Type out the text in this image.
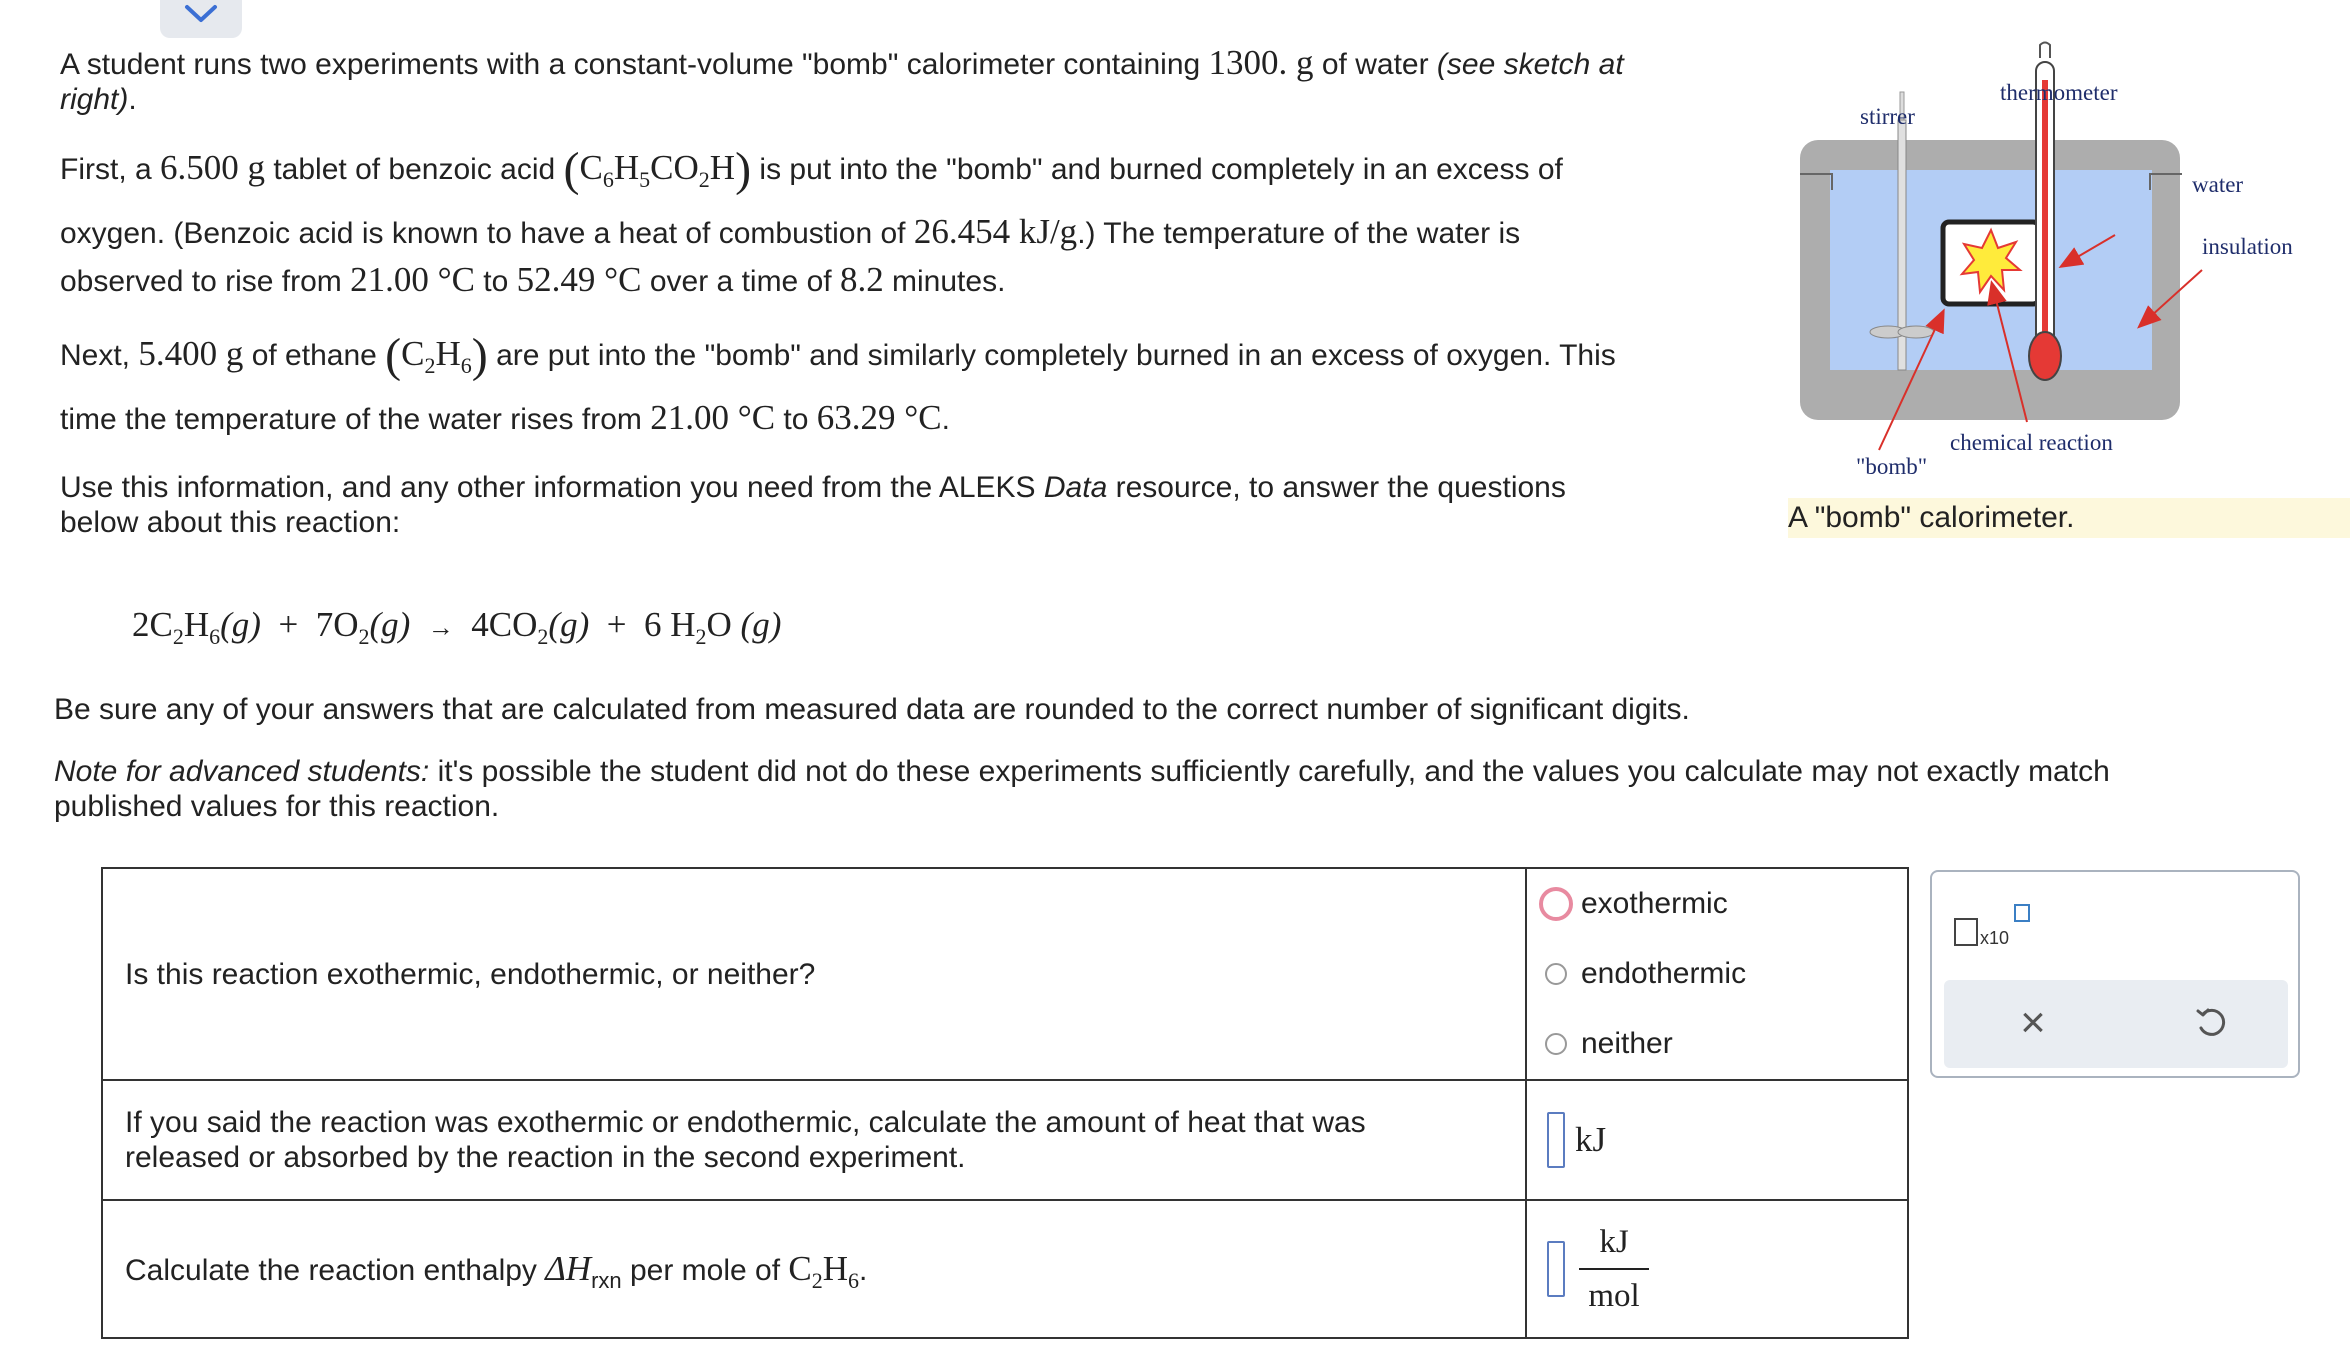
A student runs two experiments with a constant-volume "bomb" calorimeter containing 1300. g of water (see sketch at
right).
First, a 6.500 g tablet of benzoic acid $(C_6H_5CO_2H)$ is put into the "bomb" and burned completely in an excess of
oxygen. (Benzoic acid is known to have a heat of combustion of 26.454 kJ/g.) The temperature of the water is
observed to rise from 21.00 °C to 52.49 °C over a time of 8.2 minutes.
Next, 5.400 g of ethane $(C_2H_6)$ are put into the "bomb" and similarly completely burned in an excess of oxygen. This
time the temperature of the water rises from 21.00 °C to 63.29 °C.
Use this information, and any other information you need from the ALEKS Data resource, to answer the questions
below about this reaction:
stirrer
thermometer
water
insulation
chemical reaction
"bomb"
A "bomb" calorimeter.
$2C_2H_6(g) + 7O_2(g) \to 4CO_2(g) + 6$ $H_2O$ (g)
Be sure any of your answers that are calculated from measured data are rounded to the correct number of significant digits.
Note for advanced students: it's possible the student did not do these experiments sufficiently carefully, and the values you calculate may not exactly match
published values for this reaction.
Is this reaction exothermic, endothermic, or neither?	exothermic
endothermic
neither

If you said the reaction was exothermic or endothermic, calculate the amount of heat that was
released or absorbed by the reaction in the second experiment.	kJ

Calculate the reaction enthalpy $\Delta H_{rxn}$ per mole of $C_2H_6$.	kJ
mol
x10
×
